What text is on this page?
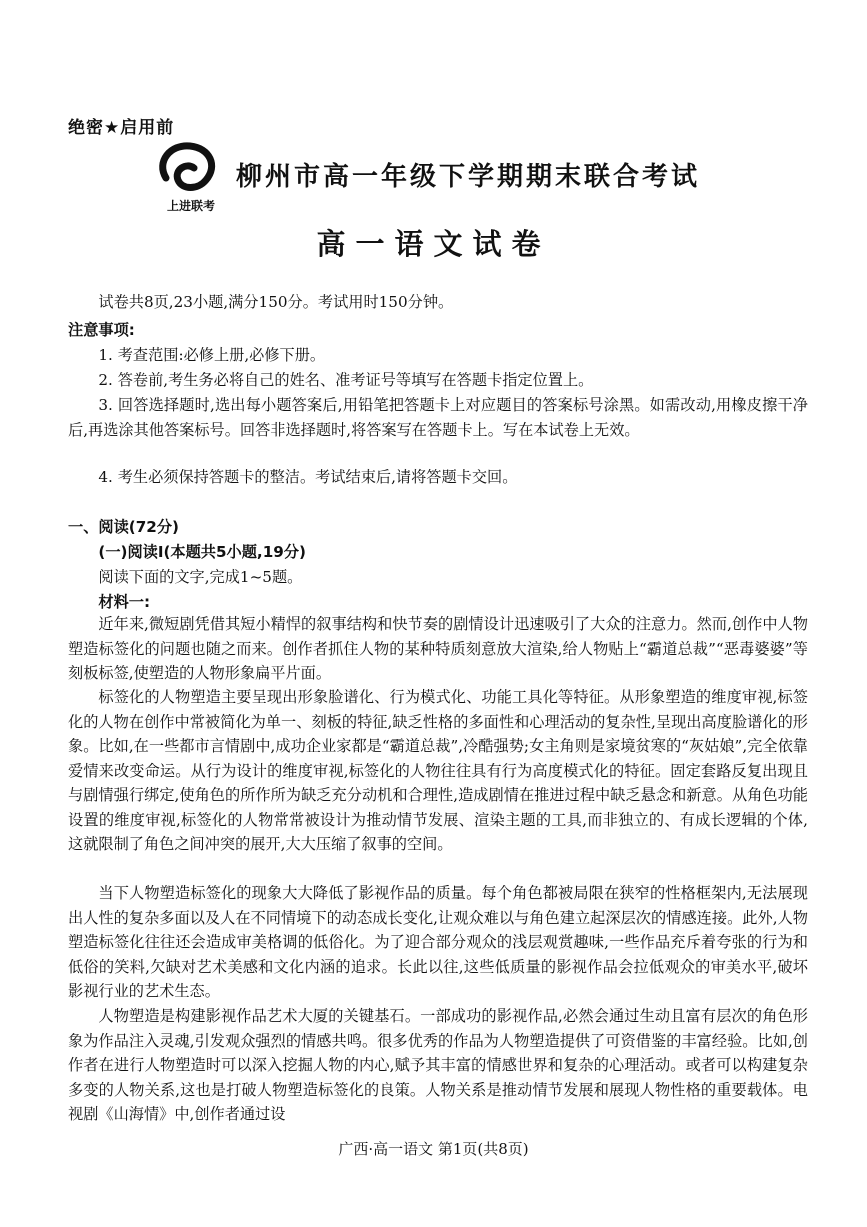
绝密★启用前
上进联考
柳州市高一年级下学期期末联合考试
高一语文试卷
试卷共8页,23小题,满分150分。考试用时150分钟。
注意事项:
1. 考查范围:必修上册,必修下册。
2. 答卷前,考生务必将自己的姓名、准考证号等填写在答题卡指定位置上。
3. 回答选择题时,选出每小题答案后,用铅笔把答题卡上对应题目的答案标号涂黑。如需改动,用橡皮擦干净后,再选涂其他答案标号。回答非选择题时,将答案写在答题卡上。写在本试卷上无效。
4. 考生必须保持答题卡的整洁。考试结束后,请将答题卡交回。
一、阅读(72分)
(一)阅读Ⅰ(本题共5小题,19分)
阅读下面的文字,完成1~5题。
材料一:
近年来,微短剧凭借其短小精悍的叙事结构和快节奏的剧情设计迅速吸引了大众的注意力。然而,创作中人物塑造标签化的问题也随之而来。创作者抓住人物的某种特质刻意放大渲染,给人物贴上“霸道总裁”“恶毒婆婆”等刻板标签,使塑造的人物形象扁平片面。
标签化的人物塑造主要呈现出形象脸谱化、行为模式化、功能工具化等特征。从形象塑造的维度审视,标签化的人物在创作中常被简化为单一、刻板的特征,缺乏性格的多面性和心理活动的复杂性,呈现出高度脸谱化的形象。比如,在一些都市言情剧中,成功企业家都是“霸道总裁”,冷酷强势;女主角则是家境贫寒的“灰姑娘”,完全依靠爱情来改变命运。从行为设计的维度审视,标签化的人物往往具有行为高度模式化的特征。固定套路反复出现且与剧情强行绑定,使角色的所作所为缺乏充分动机和合理性,造成剧情在推进过程中缺乏悬念和新意。从角色功能设置的维度审视,标签化的人物常常被设计为推动情节发展、渲染主题的工具,而非独立的、有成长逻辑的个体,这就限制了角色之间冲突的展开,大大压缩了叙事的空间。
当下人物塑造标签化的现象大大降低了影视作品的质量。每个角色都被局限在狭窄的性格框架内,无法展现出人性的复杂多面以及人在不同情境下的动态成长变化,让观众难以与角色建立起深层次的情感连接。此外,人物塑造标签化往往还会造成审美格调的低俗化。为了迎合部分观众的浅层观赏趣味,一些作品充斥着夸张的行为和低俗的笑料,欠缺对艺术美感和文化内涵的追求。长此以往,这些低质量的影视作品会拉低观众的审美水平,破坏影视行业的艺术生态。
人物塑造是构建影视作品艺术大厦的关键基石。一部成功的影视作品,必然会通过生动且富有层次的角色形象为作品注入灵魂,引发观众强烈的情感共鸣。很多优秀的作品为人物塑造提供了可资借鉴的丰富经验。比如,创作者在进行人物塑造时可以深入挖掘人物的内心,赋予其丰富的情感世界和复杂的心理活动。或者可以构建复杂多变的人物关系,这也是打破人物塑造标签化的良策。人物关系是推动情节发展和展现人物性格的重要载体。电视剧《山海情》中,创作者通过设
广西·高一语文 第1页(共8页)
